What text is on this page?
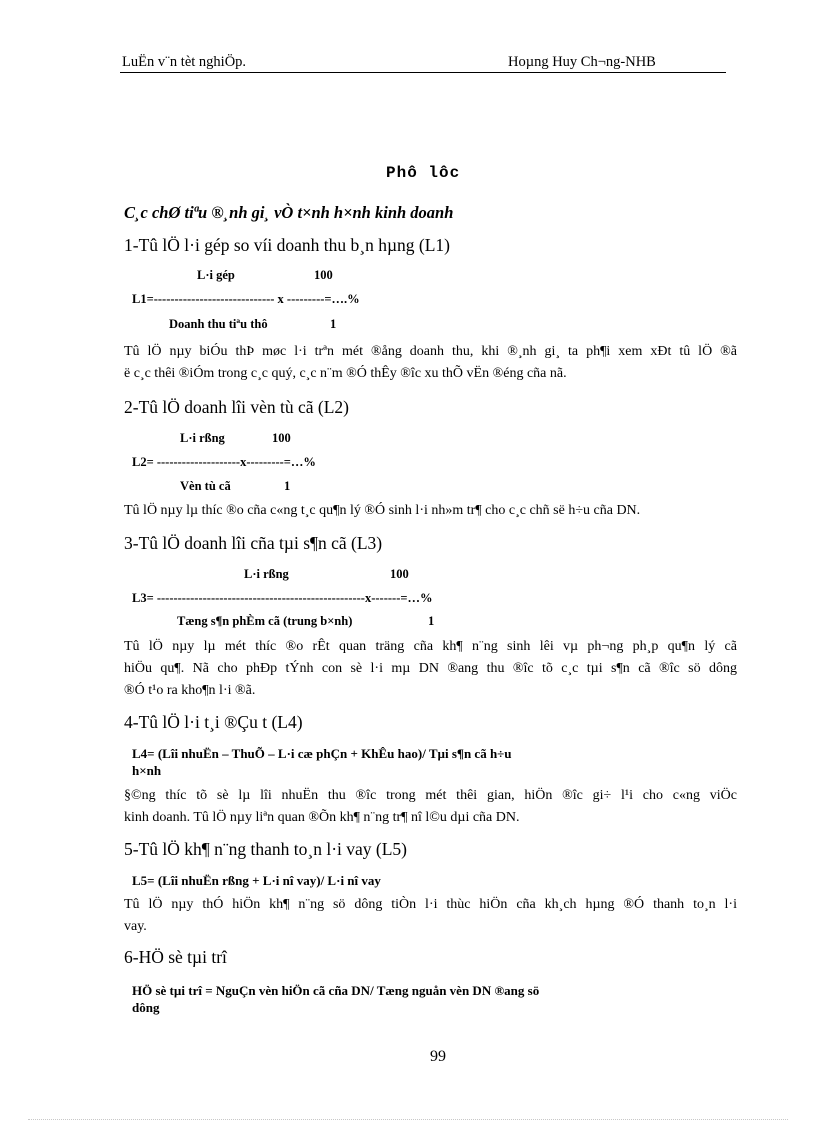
LuËn v¨n tèt nghiÖp.	Hoµng Huy Ch¬ng-NHB
Phô lôc
C¸c chØ tiªu ®¸nh gi¸ vÒ t×nh h×nh kinh doanh
1-Tû lÖ l·i gép so víi doanh thu b¸n hµng (L1)
L·i gép	100
L1=----------------------------- x ---------=….%
Doanh thu tiªu thô	1
Tû lÖ nµy biÓu thÞ møc l·i trªn mét ®ång doanh thu, khi ®¸nh gi¸ ta ph¶i xem xÐt tû lÖ ®ã
ë c¸c thêi ®iÓm trong c¸c quý, c¸c n¨m ®Ó thÊy ®îc xu thÕ vËn ®éng cña nã.
2-Tû lÖ doanh lîi vèn tù cã (L2)
L·i rßng	100
L2= --------------------x---------=…%
Vèn tù cã	1
Tû lÖ nµy lµ thíc ®o cña c«ng t¸c qu¶n lý ®Ó sinh l·i nh»m tr¶ cho c¸c chñ së h÷u cña DN.
3-Tû lÖ doanh lîi cña tµi s¶n cã (L3)
L·i rßng	100
L3= --------------------------------------------------x-------=…%
Tæng s¶n phÈm cã (trung b×nh)	1
Tû lÖ nµy lµ mét thíc ®o rÊt quan träng cña kh¶ n¨ng sinh lêi vµ ph¬ng ph¸p qu¶n lý cã
hiÖu qu¶. Nã cho phÐp tÝnh con sè l·i mµ DN ®ang thu ®îc tõ c¸c tµi s¶n cã ®îc sö dông
®Ó t¹o ra kho¶n l·i ®ã.
4-Tû lÖ l·i t¸i ®Çu t (L4)
L4= (Lîi nhuËn – ThuÕ – L·i cæ phÇn + KhÊu hao)/ Tµi s¶n cã h÷u
h×nh
§©ng thíc tõ sè lµ lîi nhuËn thu ®îc trong mét thêi gian, hiÖn ®îc gi÷ l¹i cho c«ng viÖc
kinh doanh. Tû lÖ nµy liªn quan ®Õn kh¶ n¨ng tr¶ nî l©u dµi cña DN.
5-Tû lÖ kh¶ n¨ng thanh to¸n l·i vay (L5)
L5= (Lîi nhuËn rßng + L·i nî vay)/ L·i nî vay
Tû lÖ nµy thÓ hiÖn kh¶ n¨ng sö dông tiÒn l·i thùc hiÖn cña kh¸ch hµng ®Ó thanh to¸n l·i
vay.
6-HÖ sè tµi trî
HÖ sè tµi trî = NguÇn vèn hiÖn cã cña DN/ Tæng nguån vèn DN ®ang sö
dông
99
